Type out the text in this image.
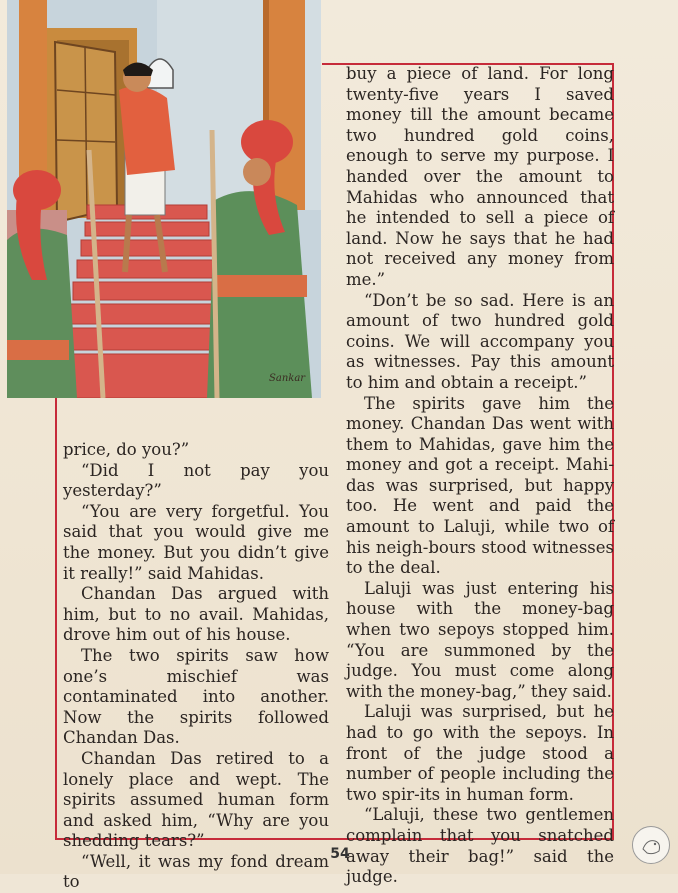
Sankar

buy a piece of land. For long twenty-five years I saved money till the amount became two hundred gold coins, enough to serve my purpose. I handed over the amount to Mahidas who announced that he intended to sell a piece of land. Now he says that he had not received any money from me.”

“Don’t be so sad. Here is an amount of two hundred gold coins. We will accompany you as witnesses. Pay this amount to him and obtain a receipt.”

The spirits gave him the money. Chandan Das went with them to Mahidas, gave him the money and got a receipt. Mahi-das was surprised, but happy too. He went and paid the amount to Laluji, while two of his neigh-bours stood witnesses to the deal.

Laluji was just entering his house with the money-bag when two sepoys stopped him. “You are summoned by the judge. You must come along with the money-bag,” they said.

Laluji was surprised, but he had to go with the sepoys. In front of the judge stood a number of people including the two spir-its in human form.

“Laluji, these two gentlemen complain that you snatched away their bag!” said the judge.

price, do you?”

“Did I not pay you yesterday?”

“You are very forgetful. You said that you would give me the money. But you didn’t give it really!” said Mahidas.

Chandan Das argued with him, but to no avail. Mahidas, drove him out of his house.

The two spirits saw how one’s mischief was contaminated into another. Now the spirits followed Chandan Das.

Chandan Das retired to a lonely place and wept. The spirits assumed human form and asked him, “Why are you shedding tears?”

“Well, it was my fond dream to

54
